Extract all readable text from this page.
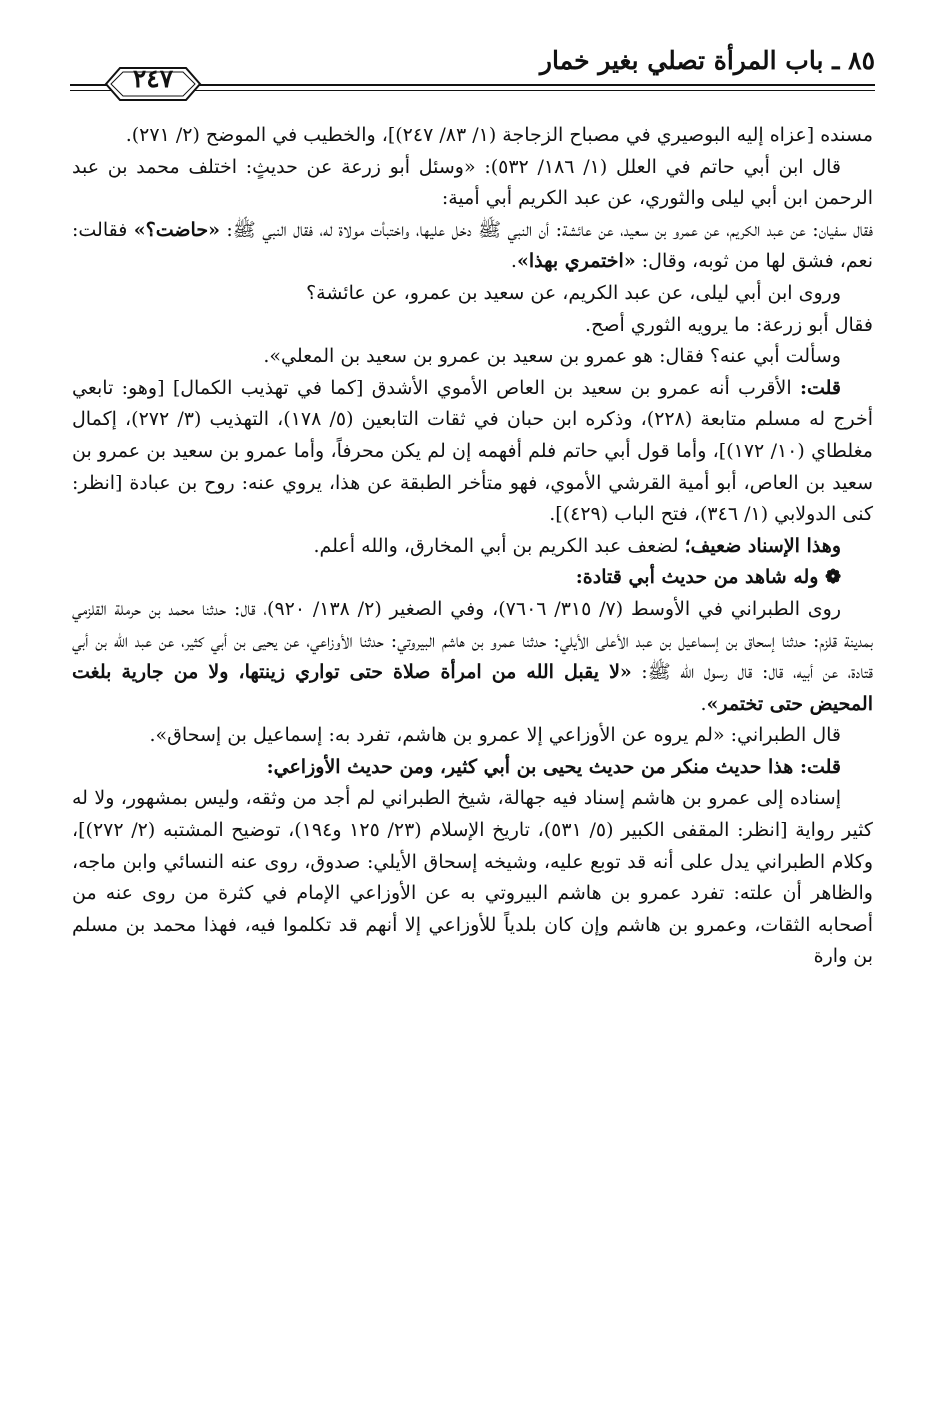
٨٥ ـ باب المرأة تصلي بغير خمار
٢٤٧

مسنده [عزاه إليه البوصيري في مصباح الزجاجة (١/ ٨٣/ ٢٤٧)]، والخطيب في الموضح (٢/ ٢٧١).

قال ابن أبي حاتم في العلل (١/ ١٨٦/ ٥٣٢): «وسئل أبو زرعة عن حديثٍ: اختلف محمد بن عبد الرحمن ابن أبي ليلى والثوري، عن عبد الكريم أبي أمية:

فقال سفيان: عن عبد الكريم، عن عمرو بن سعيد، عن عائشة: أن النبي ﷺ دخل عليها، واختبأت مولاة له، فقال النبي ﷺ: «حاضت؟» فقالت: نعم، فشق لها من ثوبه، وقال: «اختمري بهذا».

وروى ابن أبي ليلى، عن عبد الكريم، عن سعيد بن عمرو، عن عائشة؟

فقال أبو زرعة: ما يرويه الثوري أصح.

وسألت أبي عنه؟ فقال: هو عمرو بن سعيد بن عمرو بن سعيد بن المعلي».

قلت: الأقرب أنه عمرو بن سعيد بن العاص الأموي الأشدق [كما في تهذيب الكمال] [وهو: تابعي أخرج له مسلم متابعة (٢٢٨)، وذكره ابن حبان في ثقات التابعين (٥/ ١٧٨)، التهذيب (٣/ ٢٧٢)، إكمال مغلطاي (١٠/ ١٧٢)]، وأما قول أبي حاتم فلم أفهمه إن لم يكن محرفاً، وأما عمرو بن سعيد بن عمرو بن سعيد بن العاص، أبو أمية القرشي الأموي، فهو متأخر الطبقة عن هذا، يروي عنه: روح بن عبادة [انظر: كنى الدولابي (١/ ٣٤٦)، فتح الباب (٤٢٩)].

وهذا الإسناد ضعيف؛ لضعف عبد الكريم بن أبي المخارق، والله أعلم.

❁ وله شاهد من حديث أبي قتادة:

روى الطبراني في الأوسط (٧/ ٣١٥/ ٧٦٠٦)، وفي الصغير (٢/ ١٣٨/ ٩٢٠)، قال: حدثنا محمد بن حرملة القلزمي بمدينة قلزم: حدثنا إسحاق بن إسماعيل بن عبد الأعلى الأيلي: حدثنا عمرو بن هاشم البيروتي: حدثنا الأوزاعي، عن يحيى بن أبي كثير، عن عبد الله بن أبي قتادة، عن أبيه، قال: قال رسول الله ﷺ: «لا يقبل الله من امرأة صلاة حتى تواري زينتها، ولا من جارية بلغت المحيض حتى تختمر».

قال الطبراني: «لم يروه عن الأوزاعي إلا عمرو بن هاشم، تفرد به: إسماعيل بن إسحاق».

قلت: هذا حديث منكر من حديث يحيى بن أبي كثير، ومن حديث الأوزاعي:

إسناده إلى عمرو بن هاشم إسناد فيه جهالة، شيخ الطبراني لم أجد من وثقه، وليس بمشهور، ولا له كثير رواية [انظر: المقفى الكبير (٥/ ٥٣١)، تاريخ الإسلام (٢٣/ ١٢٥ و١٩٤)، توضيح المشتبه (٢/ ٢٧٢)]، وكلام الطبراني يدل على أنه قد توبع عليه، وشيخه إسحاق الأيلي: صدوق، روى عنه النسائي وابن ماجه، والظاهر أن علته: تفرد عمرو بن هاشم البيروتي به عن الأوزاعي الإمام في كثرة من روى عنه من أصحابه الثقات، وعمرو بن هاشم وإن كان بلدياً للأوزاعي إلا أنهم قد تكلموا فيه، فهذا محمد بن مسلم بن وارة
